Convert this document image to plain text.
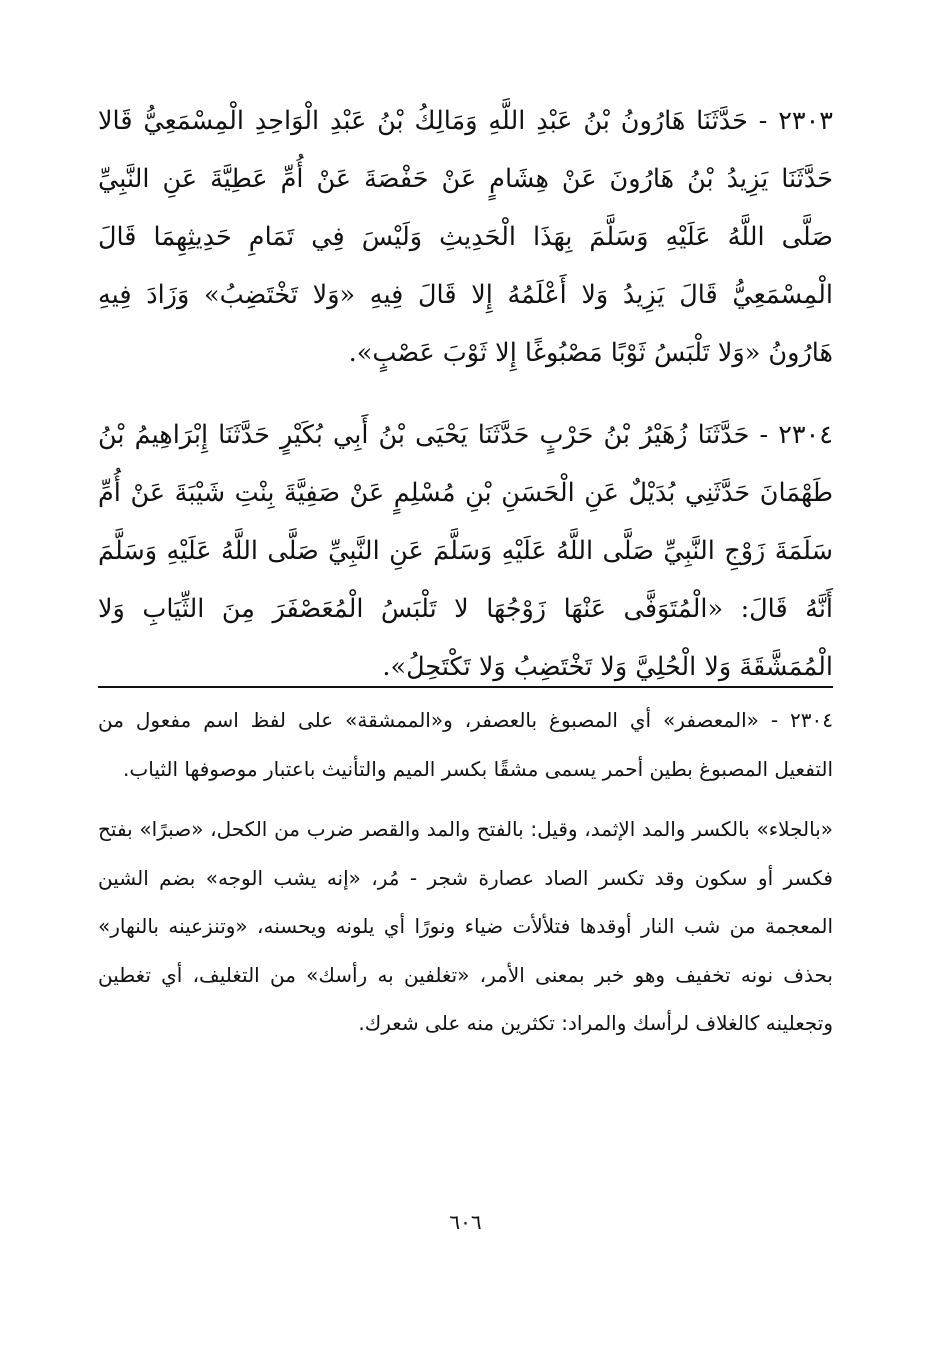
٢٣٠٣ - حَدَّثَنَا هَارُونُ بْنُ عَبْدِ اللَّهِ وَمَالِكُ بْنُ عَبْدِ الْوَاحِدِ الْمِسْمَعِيُّ قَالا حَدَّثَنَا يَزِيدُ بْنُ هَارُونَ عَنْ هِشَامٍ عَنْ حَفْصَةَ عَنْ أُمِّ عَطِيَّةَ عَنِ النَّبِيِّ صَلَّى اللَّهُ عَلَيْهِ وَسَلَّمَ بِهَذَا الْحَدِيثِ وَلَيْسَ فِي تَمَامِ حَدِيثِهِمَا قَالَ الْمِسْمَعِيُّ قَالَ يَزِيدُ وَلا أَعْلَمُهُ إِلا قَالَ فِيهِ «وَلا تَخْتَضِبُ» وَزَادَ فِيهِ هَارُونُ «وَلا تَلْبَسُ ثَوْبًا مَصْبُوغًا إِلا ثَوْبَ عَصْبٍ».

٢٣٠٤ - حَدَّثَنَا زُهَيْرُ بْنُ حَرْبٍ حَدَّثَنَا يَحْيَى بْنُ أَبِي بُكَيْرٍ حَدَّثَنَا إِبْرَاهِيمُ بْنُ طَهْمَانَ حَدَّثَنِي بُدَيْلٌ عَنِ الْحَسَنِ بْنِ مُسْلِمٍ عَنْ صَفِيَّةَ بِنْتِ شَيْبَةَ عَنْ أُمِّ سَلَمَةَ زَوْجِ النَّبِيِّ صَلَّى اللَّهُ عَلَيْهِ وَسَلَّمَ عَنِ النَّبِيِّ صَلَّى اللَّهُ عَلَيْهِ وَسَلَّمَ أَنَّهُ قَالَ: «الْمُتَوَفَّى عَنْهَا زَوْجُهَا لا تَلْبَسُ الْمُعَصْفَرَ مِنَ الثِّيَابِ وَلا الْمُمَشَّقَةَ وَلا الْحُلِيَّ وَلا تَخْتَضِبُ وَلا تَكْتَحِلُ».

٢٣٠٤ - «المعصفر» أي المصبوغ بالعصفر، و«الممشقة» على لفظ اسم مفعول من التفعيل المصبوغ بطين أحمر يسمى مشقًا بكسر الميم والتأنيث باعتبار موصوفها الثياب.

«بالجلاء» بالكسر والمد الإثمد، وقيل: بالفتح والمد والقصر ضرب من الكحل، «صبرًا» بفتح فكسر أو سكون وقد تكسر الصاد عصارة شجر - مُر، «إنه يشب الوجه» بضم الشين المعجمة من شب النار أوقدها فتلألأت ضياء ونورًا أي يلونه ويحسنه، «وتنزعينه بالنهار» بحذف نونه تخفيف وهو خبر بمعنى الأمر، «تغلفين به رأسك» من التغليف، أي تغطين وتجعلينه كالغلاف لرأسك والمراد: تكثرين منه على شعرك.

٦٠٦
